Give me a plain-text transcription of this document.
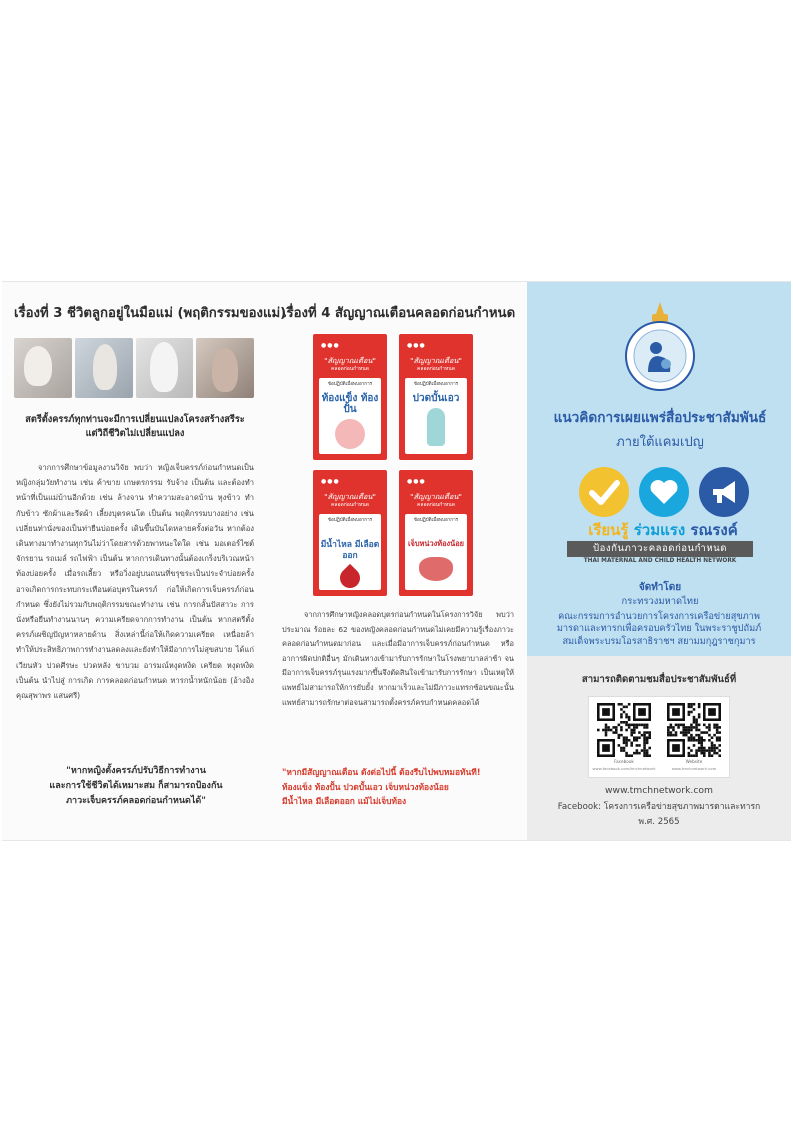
เรื่องที่ 3 ชีวิตลูกอยู่ในมือแม่ (พฤติกรรมของแม่)
สตรีตั้งครรภ์ทุกท่านจะมีการเปลี่ยนแปลงโครงสร้างสรีระ
แต่วิถีชีวิตไม่เปลี่ยนแปลง
จากการศึกษาข้อมูลงานวิจัย พบว่า หญิงเจ็บครรภ์ก่อนกำหนดเป็นหญิงกลุ่มวัยทำงาน เช่น ค้าขาย เกษตรกรรม รับจ้าง เป็นต้น และต้องทำหน้าที่เป็นแม่บ้านอีกด้วย เช่น ล้างจาน ทำความสะอาดบ้าน หุงข้าว ทำกับข้าว ซักผ้าและรีดผ้า เลี้ยงบุตรคนโต เป็นต้น พฤติกรรมบางอย่าง เช่น เปลี่ยนท่านั่งของเป็นท่ายืนบ่อยครั้ง เดินขึ้นบันไดหลายครั้งต่อวัน หากต้องเดินทางมาทำงานทุกวันไม่ว่าโดยสารด้วยพาหนะใดใด เช่น มอเตอร์ไซต์ จักรยาน รถเมล์ รถไฟฟ้า เป็นต้น หากการเดินทางนั้นต้องเกร็งบริเวณหน้าท้องบ่อยครั้ง เมื่อรถเลี้ยว หรือวิ่งอยู่บนถนนที่ขรุขระเป็นประจำบ่อยครั้ง อาจเกิดการกระทบกระเทือนต่อบุตรในครรภ์ ก่อให้เกิดการเจ็บครรภ์ก่อนกำหนด ซึ่งยังไม่รวมกับพฤติกรรมขณะทำงาน เช่น การกลั้นปัสสาวะ การนั่งหรือยืนทำงานนานๆ ความเครียดจากการทำงาน เป็นต้น หากสตรีตั้งครรภ์เผชิญปัญหาหลายด้าน สิ่งเหล่านี้ก่อให้เกิดความเครียด เหนื่อยล้า ทำให้ประสิทธิภาพการทำงานลดลงและยังทำให้มีอาการไม่สุขสบาย ได้แก่ เวียนหัว ปวดศีรษะ ปวดหลัง ขาบวม อารมณ์หงุดหงิด เครียด หงุดหงิด เป็นต้น นำไปสู่ การเกิด การคลอดก่อนกำหนด ทารกน้ำหนักน้อย (อ้างอิง คุณสุพาพร แสนศรี)
"หากหญิงตั้งครรภ์ปรับวิธีการทำงาน
และการใช้ชีวิตได้เหมาะสม ก็สามารถป้องกัน
ภาวะเจ็บครรภ์คลอดก่อนกำหนดได้"
เรื่องที่ 4 สัญญาณเตือนคลอดก่อนกำหนด
●●●
"สัญญาณเตือน"
คลอดก่อนกำหนด
ข้อปฏิบัติเมื่อพบอาการ
ท้องแข็ง ท้องปั้น
●●●
"สัญญาณเตือน"
คลอดก่อนกำหนด
ข้อปฏิบัติเมื่อพบอาการ
ปวดบั้นเอว
●●●
"สัญญาณเตือน"
คลอดก่อนกำหนด
ข้อปฏิบัติเมื่อพบอาการ
มีน้ำไหล มีเลือดออก
●●●
"สัญญาณเตือน"
คลอดก่อนกำหนด
ข้อปฏิบัติเมื่อพบอาการ
เจ็บหน่วงท้องน้อย
จากการศึกษาหญิงคลอดบุตรก่อนกำหนดในโครงการวิจัย พบว่า ประมาณ ร้อยละ 62 ของหญิงคลอดก่อนกำหนดไม่เคยมีความรู้เรื่องภาวะคลอดก่อนกำหนดมาก่อน และเมื่อมีอาการเจ็บครรภ์ก่อนกำหนด หรือ อาการผิดปกติอื่นๆ มักเดินทางเข้ามารับการรักษาในโรงพยาบาลล่าช้า จนมีอาการเจ็บครรภ์รุนแรงมากขึ้นจึงตัดสินใจเข้ามารับการรักษา เป็นเหตุให้แพทย์ไม่สามารถให้การยับยั้ง หากมาเร็วและไม่มีภาวะแทรกซ้อนขณะนั้น แพทย์สามารถรักษาต่อจนสามารถตั้งครรภ์ครบกำหนดคลอดได้
"หากมีสัญญาณเตือน ดังต่อไปนี้ ต้องรีบไปพบหมอทันที!
ท้องแข็ง ท้องปั้น ปวดบั้นเอว เจ็บหน่วงท้องน้อย
มีน้ำไหล มีเลือดออก แม้ไม่เจ็บท้อง
แนวคิดการเผยแพร่สื่อประชาสัมพันธ์
ภายใต้แคมเปญ
เรียนรู้ ร่วมแรง รณรงค์
ป้องกันภาวะคลอดก่อนกำหนด
THAI MATERNAL AND CHILD HEALTH NETWORK
จัดทำโดย
กระทรวงมหาดไทย
คณะกรรมการอำนวยการโครงการเครือข่ายสุขภาพ
มารดาและทารกเพื่อครอบครัวไทย ในพระราชูปถัมภ์
สมเด็จพระบรมโอรสาธิราชฯ สยามมกุฎราชกุมาร
สามารถติดตามชมสื่อประชาสัมพันธ์ที่
Facebook	Website
www.facebook.com/tmchnetwork	www.tmchnetwork.com
www.tmchnetwork.com
Facebook: โครงการเครือข่ายสุขภาพมารดาและทารก
พ.ศ. 2565
